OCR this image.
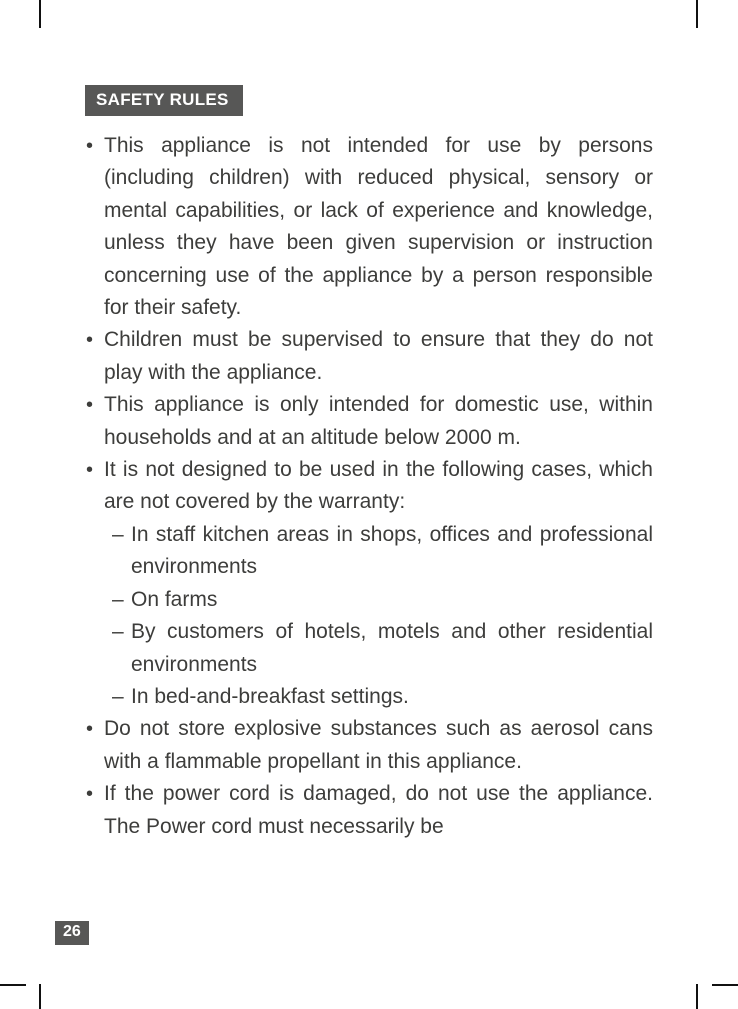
SAFETY RULES
• This appliance is not intended for use by persons (including children) with reduced physical, sensory or mental capabilities, or lack of experience and knowledge, unless they have been given supervision or instruction concerning use of the appliance by a person responsible for their safety.
• Children must be supervised to ensure that they do not play with the appliance.
• This appliance is only intended for domestic use, within households and at an altitude below 2000 m.
• It is not designed to be used in the following cases, which are not covered by the warranty:
– In staff kitchen areas in shops, offices and professional environments
– On farms
– By customers of hotels, motels and other residential environments
– In bed-and-breakfast settings.
• Do not store explosive substances such as aerosol cans with a flammable propellant in this appliance.
• If the power cord is damaged, do not use the appliance. The Power cord must necessarily be
26
